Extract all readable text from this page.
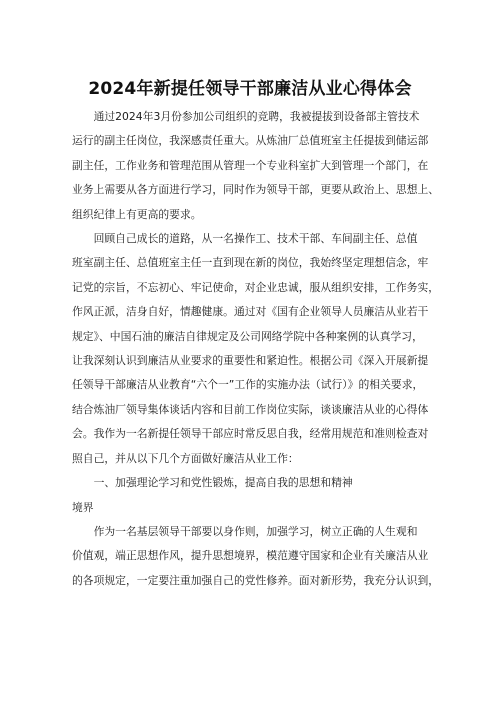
2024年新提任领导干部廉洁从业心得体会
通过2024年3月份参加公司组织的竞聘，我被提拔到设备部主管技术
运行的副主任岗位，我深感责任重大。从炼油厂总值班室主任提拔到储运部
副主任，工作业务和管理范围从管理一个专业科室扩大到管理一个部门，在
业务上需要从各方面进行学习，同时作为领导干部，更要从政治上、思想上、
组织纪律上有更高的要求。
回顾自己成长的道路，从一名操作工、技术干部、车间副主任、总值
班室副主任、总值班室主任一直到现在新的岗位，我始终坚定理想信念，牢
记党的宗旨，不忘初心、牢记使命，对企业忠诚，服从组织安排，工作务实，
作风正派，洁身自好，情趣健康。通过对《国有企业领导人员廉洁从业若干
规定》、中国石油的廉洁自律规定及公司网络学院中各种案例的认真学习，
让我深刻认识到廉洁从业要求的重要性和紧迫性。根据公司《深入开展新提
任领导干部廉洁从业教育“六个一”工作的实施办法（试行）》的相关要求，
结合炼油厂领导集体谈话内容和目前工作岗位实际，谈谈廉洁从业的心得体
会。我作为一名新提任领导干部应时常反思自我，经常用规范和准则检查对
照自己，并从以下几个方面做好廉洁从业工作：
一、加强理论学习和党性锻炼，提高自我的思想和精神
境界
作为一名基层领导干部要以身作则，加强学习，树立正确的人生观和
价值观，端正思想作风，提升思想境界，模范遵守国家和企业有关廉洁从业
的各项规定，一定要注重加强自己的党性修养。面对新形势，我充分认识到，
